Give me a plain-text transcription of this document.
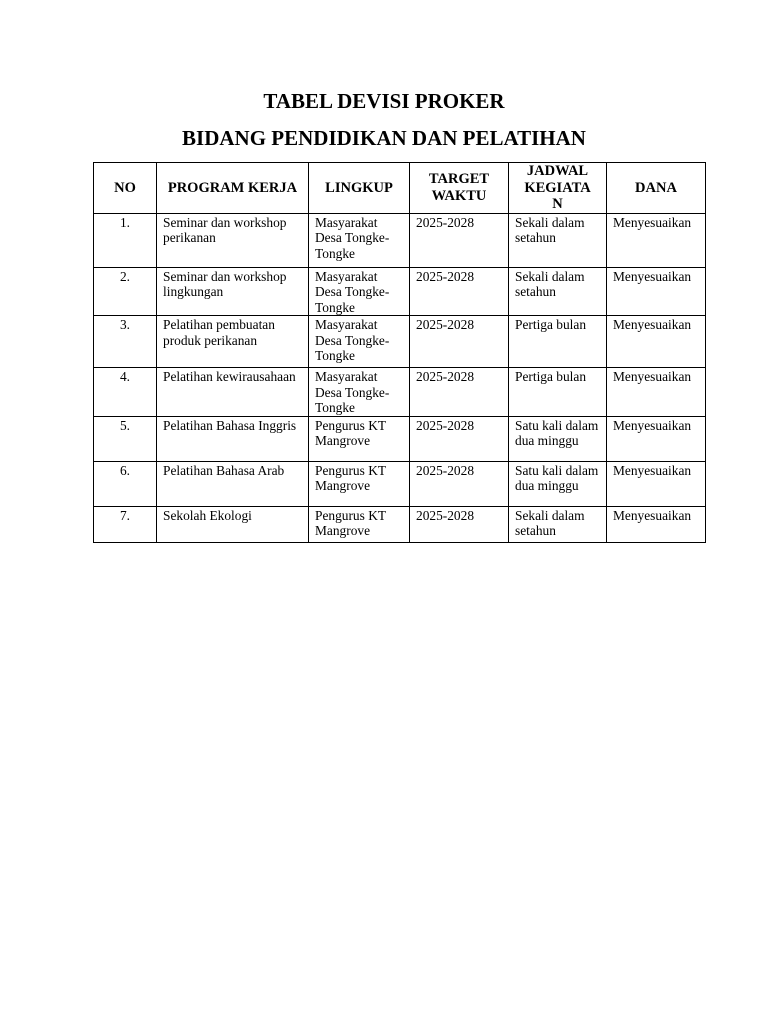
TABEL DEVISI PROKER
BIDANG PENDIDIKAN DAN PELATIHAN
NO	PROGRAM KERJA	LINGKUP	TARGET WAKTU	JADWAL KEGIATAN	DANA
1.	Seminar dan workshop perikanan	Masyarakat Desa Tongke-Tongke	2025-2028	Sekali dalam setahun	Menyesuaikan
2.	Seminar dan workshop lingkungan	Masyarakat Desa Tongke-Tongke	2025-2028	Sekali dalam setahun	Menyesuaikan
3.	Pelatihan pembuatan produk perikanan	Masyarakat Desa Tongke-Tongke	2025-2028	Pertiga bulan	Menyesuaikan
4.	Pelatihan kewirausahaan	Masyarakat Desa Tongke-Tongke	2025-2028	Pertiga bulan	Menyesuaikan
5.	Pelatihan Bahasa Inggris	Pengurus KT Mangrove	2025-2028	Satu kali dalam dua minggu	Menyesuaikan
6.	Pelatihan Bahasa Arab	Pengurus KT Mangrove	2025-2028	Satu kali dalam dua minggu	Menyesuaikan
7.	Sekolah Ekologi	Pengurus KT Mangrove	2025-2028	Sekali dalam setahun	Menyesuaikan
